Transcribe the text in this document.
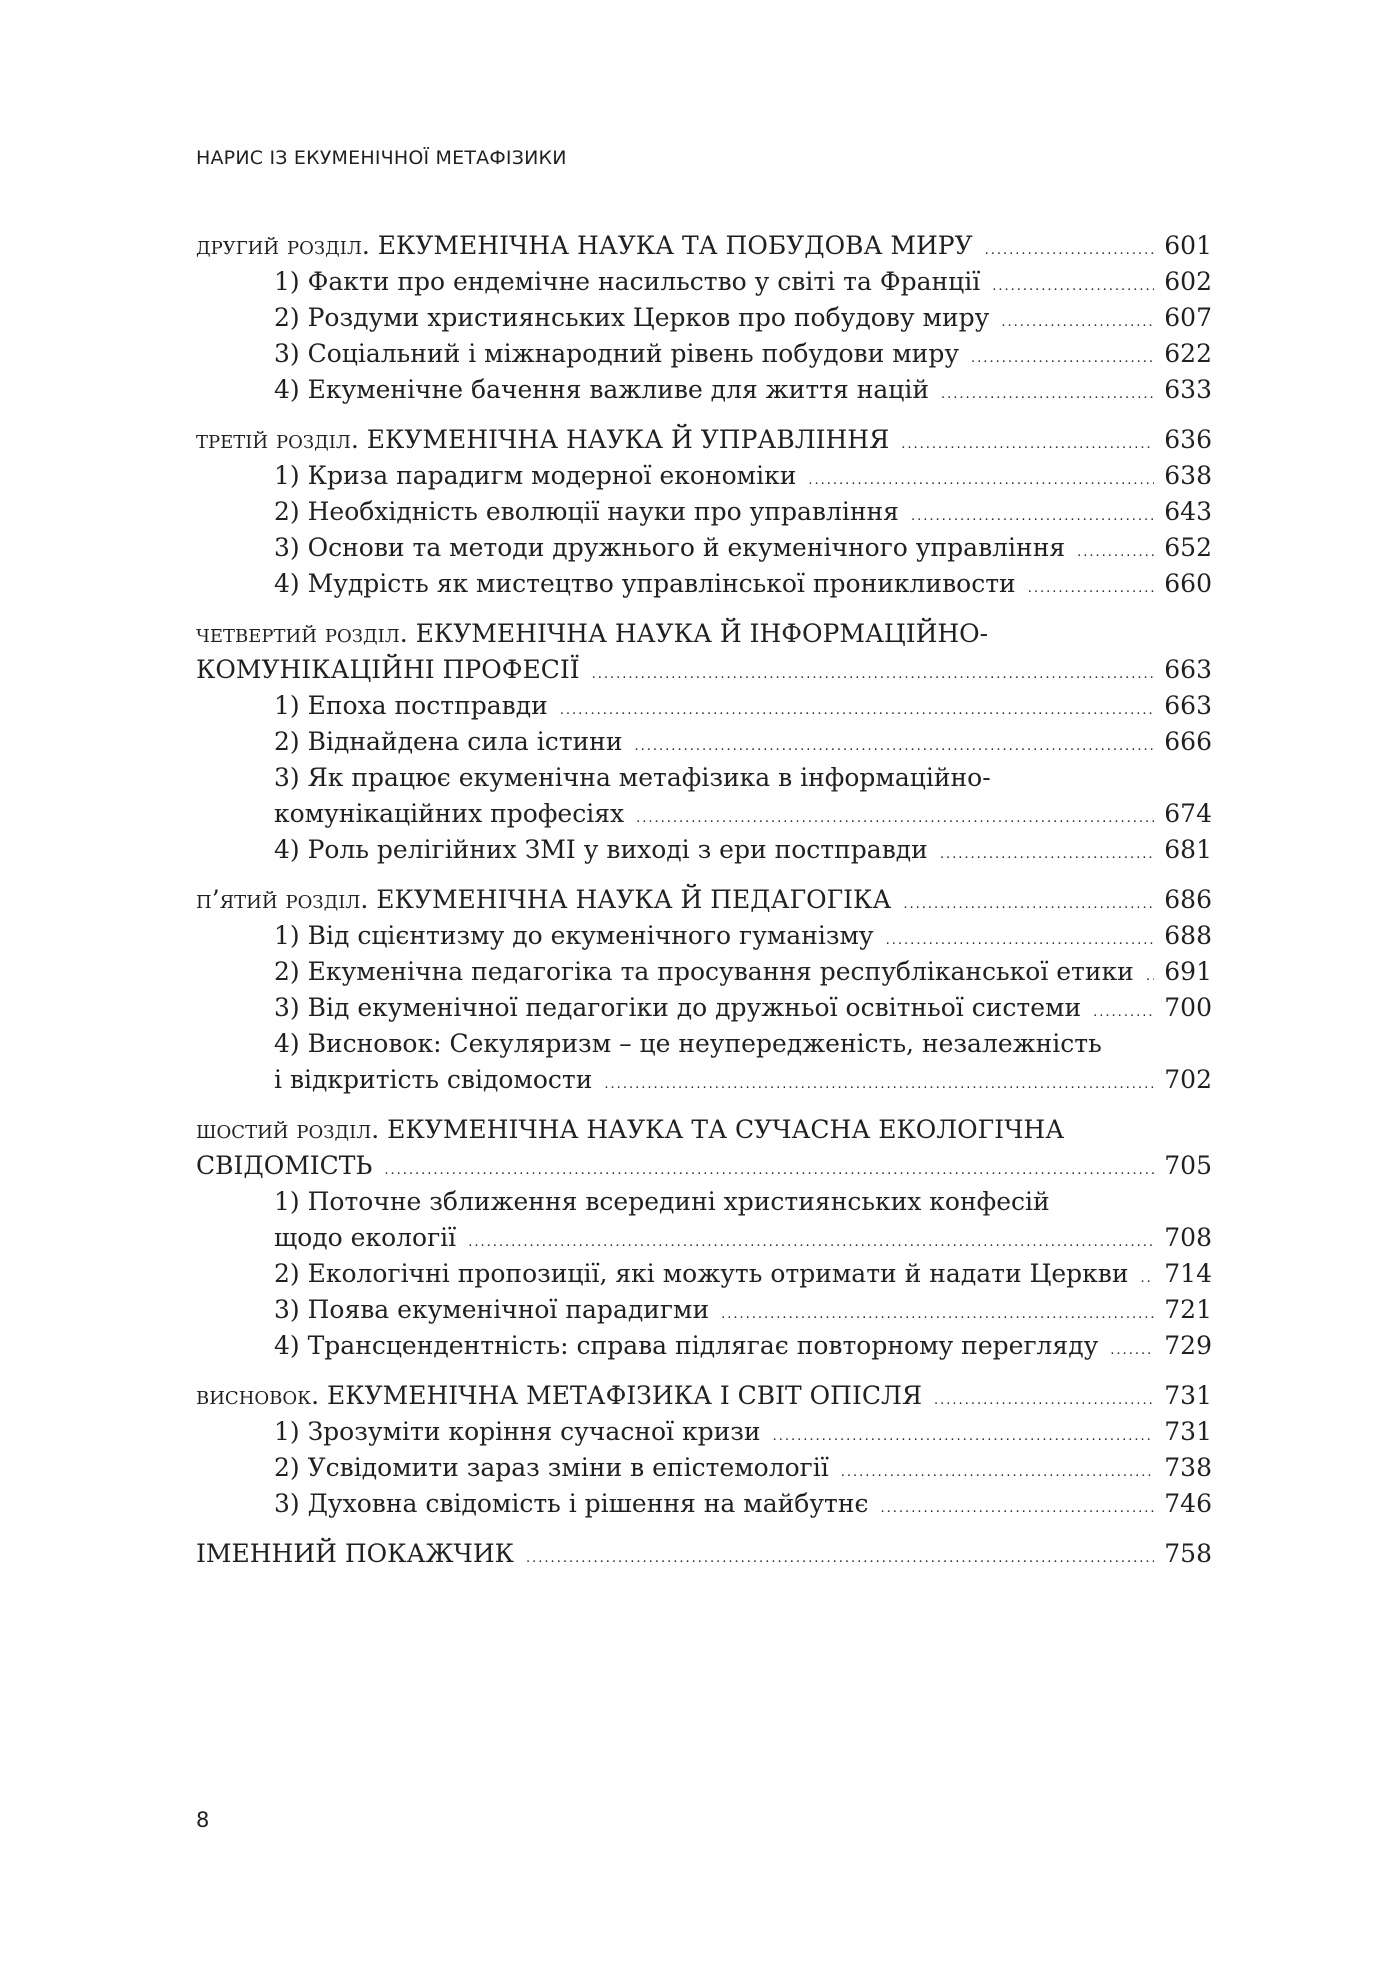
НАРИС ІЗ ЕКУМЕНІЧНОЇ МЕТАФІЗИКИ
другий розділ. ЕКУМЕНІЧНА НАУКА ТА ПОБУДОВА МИРУ .....	601
1) Факти про ендемічне насильство у світі та Франції .....	602
2) Роздуми християнських Церков про побудову миру .....	607
3) Соціальний і міжнародний рівень побудови миру .....	622
4) Екуменічне бачення важливе для життя націй .....	633
третій розділ. ЕКУМЕНІЧНА НАУКА Й УПРАВЛІННЯ .....	636
1) Криза парадигм модерної економіки .....	638
2) Необхідність еволюції науки про управління .....	643
3) Основи та методи дружнього й екуменічного управління .....	652
4) Мудрість як мистецтво управлінської проникливости .....	660
четвертий розділ. ЕКУМЕНІЧНА НАУКА Й ІНФОРМАЦІЙНО-
КОМУНІКАЦІЙНІ ПРОФЕСІЇ .....	663
1) Епоха постправди .....	663
2) Віднайдена сила істини .....	666
3) Як працює екуменічна метафізика в інформаційно-
комунікаційних професіях .....	674
4) Роль релігійних ЗМІ у виході з ери постправди .....	681
п’ятий розділ. ЕКУМЕНІЧНА НАУКА Й ПЕДАГОГІКА .....	686
1) Від сцієнтизму до екуменічного гуманізму .....	688
2) Екуменічна педагогіка та просування республіканської етики ..... 691
3) Від екуменічної педагогіки до дружньої освітньої системи .....	700
4) Висновок: Секуляризм – це неупередженість, незалежність
і відкритість свідомости .....	702
шостий розділ. ЕКУМЕНІЧНА НАУКА ТА СУЧАСНА ЕКОЛОГІЧНА
СВІДОМІСТЬ .....	705
1) Поточне зближення всередині християнських конфесій
щодо екології .....	708
2) Екологічні пропозиції, які можуть отримати й надати Церкви ..... 714
3) Поява екуменічної парадигми .....	721
4) Трансцендентність: справа підлягає повторному перегляду .....	729
висновок. ЕКУМЕНІЧНА МЕТАФІЗИКА І СВІТ ОПІСЛЯ .....	731
1) Зрозуміти коріння сучасної кризи .....	731
2) Усвідомити зараз зміни в епістемології .....	738
3) Духовна свідомість і рішення на майбутнє .....	746
ІМЕННИЙ ПОКАЖЧИК .....	758
8
